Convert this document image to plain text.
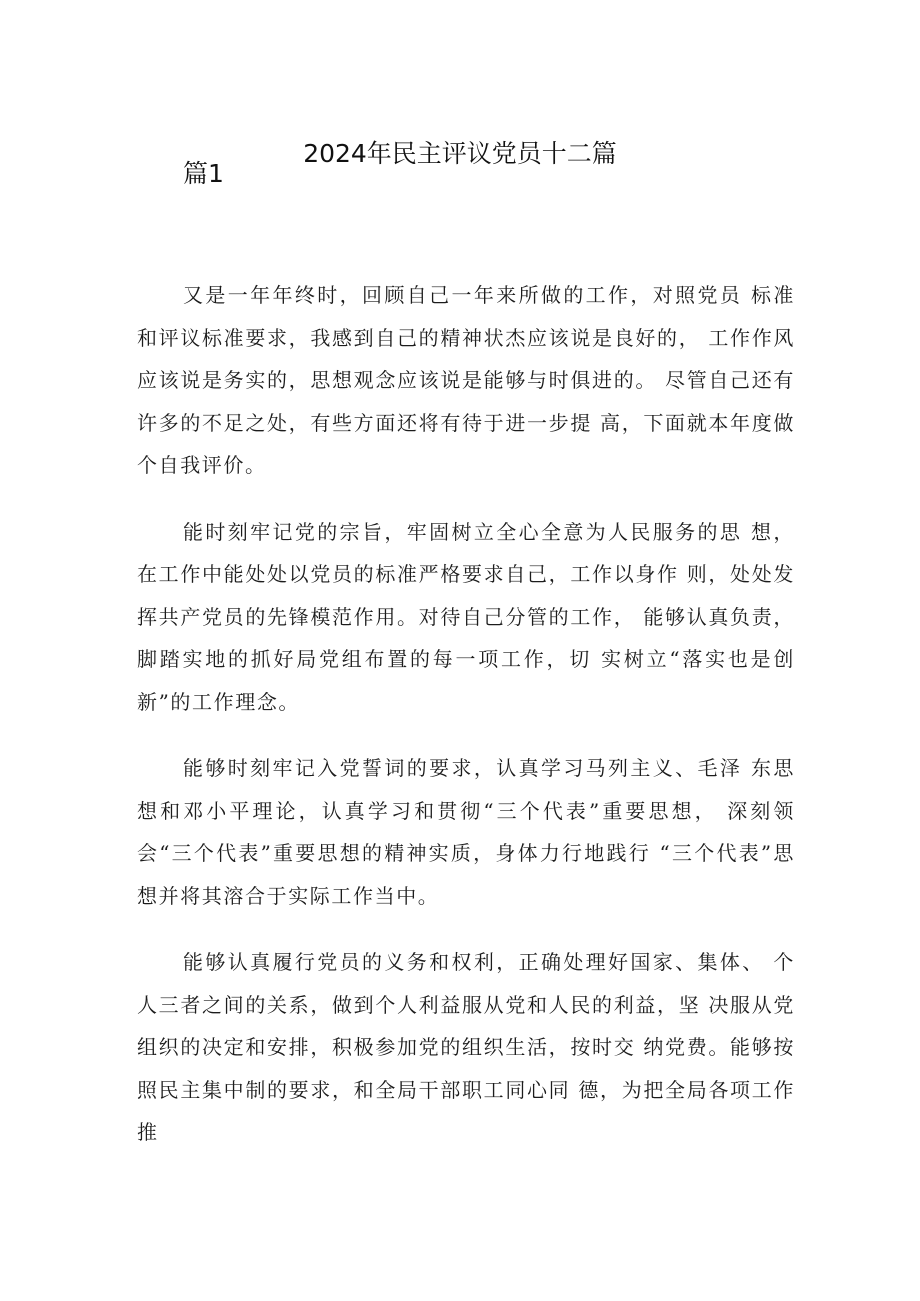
2024年民主评议党员十二篇
篇1

又是一年年终时，回顾自己一年来所做的工作，对照党员 标准和评议标准要求，我感到自己的精神状杰应该说是良好的， 工作作风应该说是务实的，思想观念应该说是能够与时俱进的。 尽管自己还有许多的不足之处，有些方面还将有待于进一步提 高，下面就本年度做个自我评价。

能时刻牢记党的宗旨，牢固树立全心全意为人民服务的思 想，在工作中能处处以党员的标准严格要求自己，工作以身作 则，处处发挥共产党员的先锋模范作用。对待自己分管的工作， 能够认真负责，脚踏实地的抓好局党组布置的每一项工作，切 实树立“落实也是创新”的工作理念。

能够时刻牢记入党誓词的要求，认真学习马列主义、毛泽 东思想和邓小平理论，认真学习和贯彻“三个代表”重要思想， 深刻领会“三个代表”重要思想的精神实质，身体力行地践行 “三个代表”思想并将其溶合于实际工作当中。

能够认真履行党员的义务和权利，正确处理好国家、集体、 个人三者之间的关系，做到个人利益服从党和人民的利益，坚 决服从党组织的决定和安排，积极参加党的组织生活，按时交 纳党费。能够按照民主集中制的要求，和全局干部职工同心同 德，为把全局各项工作推
